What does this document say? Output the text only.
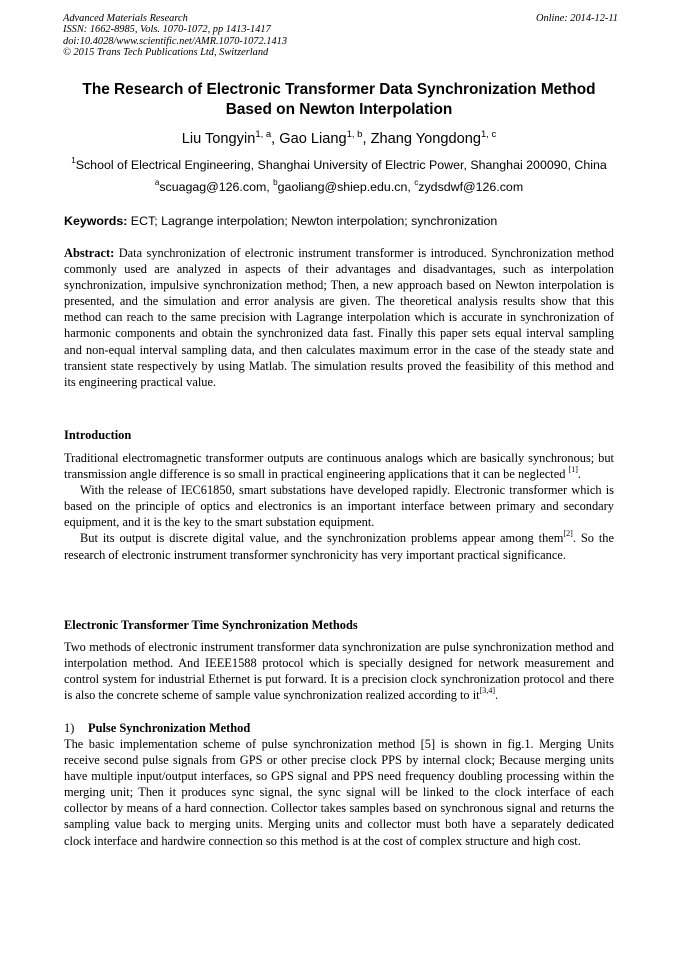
Advanced Materials Research
ISSN: 1662-8985, Vols. 1070-1072, pp 1413-1417
doi:10.4028/www.scientific.net/AMR.1070-1072.1413
© 2015 Trans Tech Publications Ltd, Switzerland
Online: 2014-12-11
The Research of Electronic Transformer Data Synchronization Method
Based on Newton Interpolation
Liu Tongyin$^{1, a}$, Gao Liang$^{1, b}$, Zhang Yongdong$^{1, c}$
$^1$School of Electrical Engineering, Shanghai University of Electric Power, Shanghai 200090, China
$^a$scuagag@126.com, $^b$gaoliang@shiep.edu.cn, $^c$zydsdwf@126.com
Keywords: ECT; Lagrange interpolation; Newton interpolation; synchronization

Abstract: Data synchronization of electronic instrument transformer is introduced. Synchronization method commonly used are analyzed in aspects of their advantages and disadvantages, such as interpolation synchronization, impulsive synchronization method; Then, a new approach based on Newton interpolation is presented, and the simulation and error analysis are given. The theoretical analysis results show that this method can reach to the same precision with Lagrange interpolation which is accurate in synchronization of harmonic components and obtain the synchronized data fast. Finally this paper sets equal interval sampling and non-equal interval sampling data, and then calculates maximum error in the case of the steady state and transient state respectively by using Matlab. The simulation results proved the feasibility of this method and its engineering practical value.

Introduction

Traditional electromagnetic transformer outputs are continuous analogs which are basically synchronous; but transmission angle difference is so small in practical engineering applications that it can be neglected [1].

With the release of IEC61850, smart substations have developed rapidly. Electronic transformer which is based on the principle of optics and electronics is an important interface between primary and secondary equipment, and it is the key to the smart substation equipment.

But its output is discrete digital value, and the synchronization problems appear among them[2]. So the research of electronic instrument transformer synchronicity has very important practical significance.

Electronic Transformer Time Synchronization Methods

Two methods of electronic instrument transformer data synchronization are pulse synchronization method and interpolation method. And IEEE1588 protocol which is specially designed for network measurement and control system for industrial Ethernet is put forward. It is a precision clock synchronization protocol and there is also the concrete scheme of sample value synchronization realized according to it[3,4].

1) Pulse Synchronization Method

The basic implementation scheme of pulse synchronization method [5] is shown in fig.1. Merging Units receive second pulse signals from GPS or other precise clock PPS by internal clock; Because merging units have multiple input/output interfaces, so GPS signal and PPS need frequency doubling processing within the merging unit; Then it produces sync signal, the sync signal will be linked to the clock interface of each collector by means of a hard connection. Collector takes samples based on synchronous signal and returns the sampling value back to merging units. Merging units and collector must both have a separately dedicated clock interface and hardwire connection so this method is at the cost of complex structure and high cost.
